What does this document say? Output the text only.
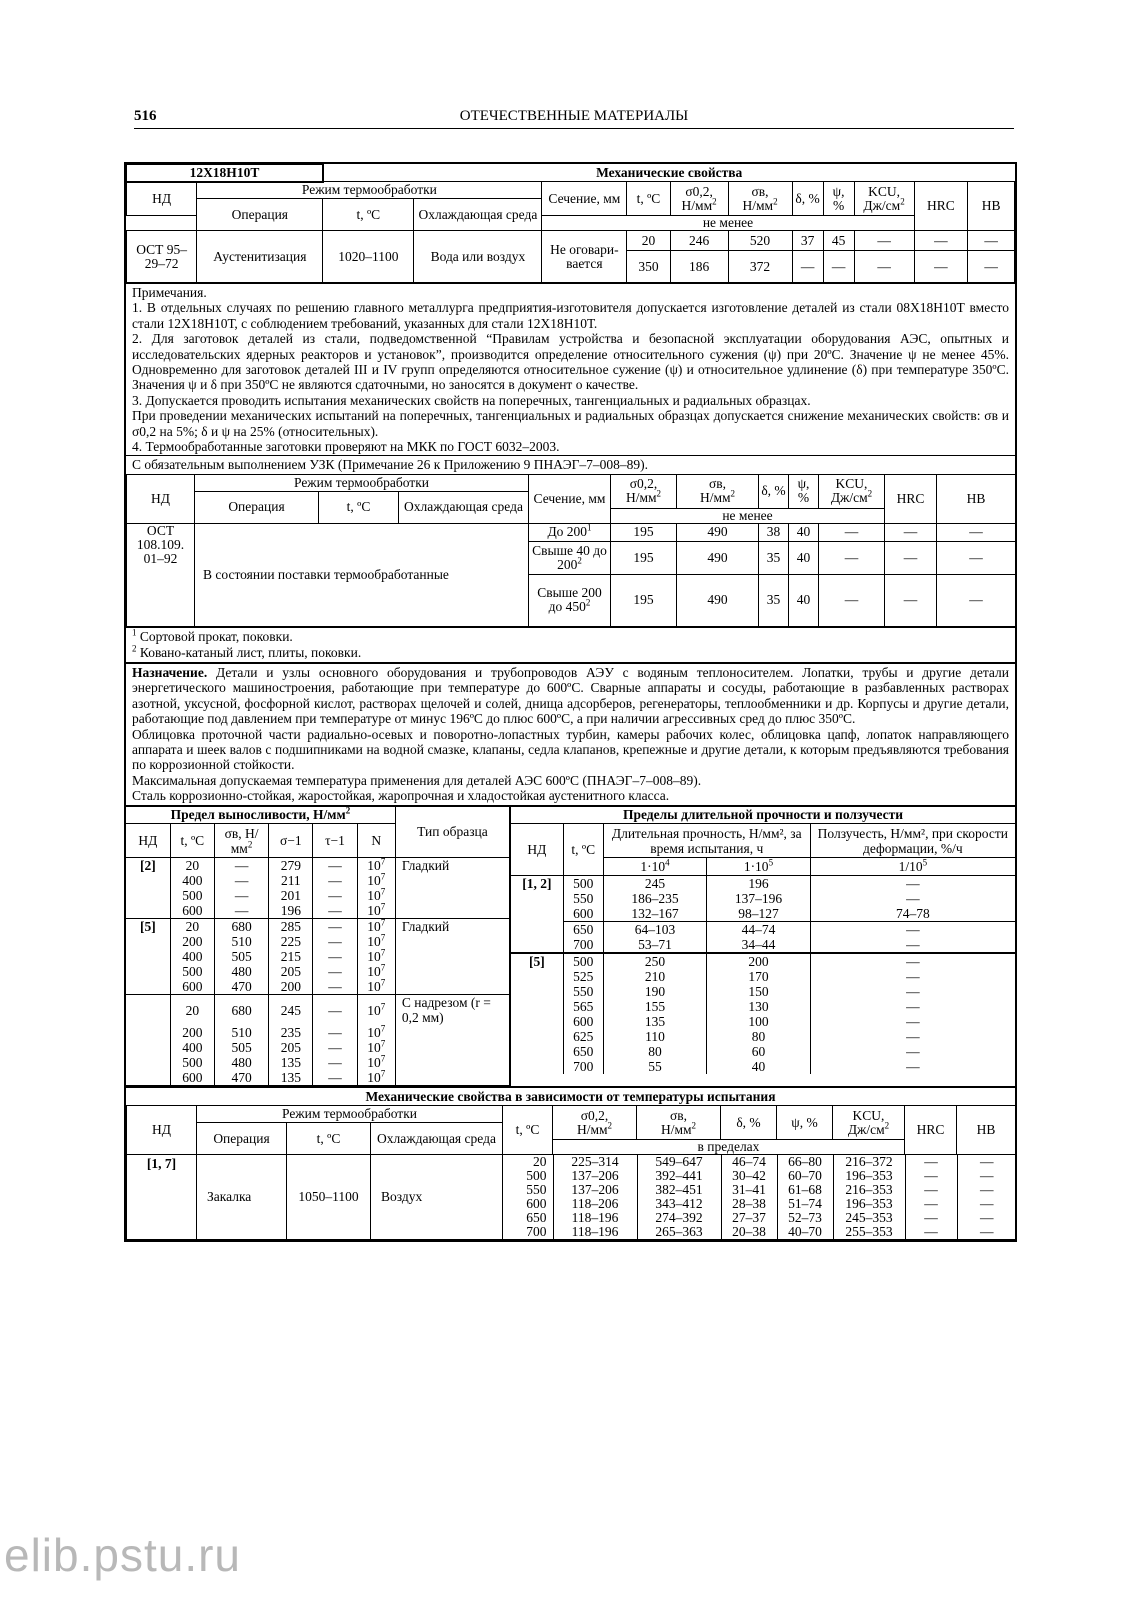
516	ОТЕЧЕСТВЕННЫЕ МАТЕРИАЛЫ
12Х18Н10Т		Механические свойства										
НД	Режим термообработки			Сечение, мм	t, ºC	σ0,2,
$Н/мм^2$	σв,
$Н/мм^2$	δ, %	ψ, %	KCU,
$Дж/см^2$	HRC	HB
	Операция	t, ºC	Охлаждающая среда									
				не менее								
ОСТ 95–29–72	Аустенитизация	1020–1100	Вода или воздух	Не оговари-вается	20	246	520	37	45	—	—	—
					350	186	372	—	—	—	—	—
Примечания.
1. В отдельных случаях по решению главного металлурга предприятия-изготовителя допускается изготовление деталей из стали 08Х18Н10Т вместо стали 12Х18Н10Т, с соблюдением требований, указанных для стали 12Х18Н10Т.
2. Для заготовок деталей из стали, подведомственной “Правилам устройства и безопасной эксплуатации оборудования АЭС, опытных и исследовательских ядерных реакторов и установок”, производится определение относительного сужения (ψ) при 20ºC. Значение ψ не менее 45%. Одновременно для заготовок деталей III и IV групп определяются относительное сужение (ψ) и относительное удлинение (δ) при температуре 350ºC. Значения ψ и δ при 350ºC не являются сдаточными, но заносятся в документ о качестве.
3. Допускается проводить испытания механических свойств на поперечных, тангенциальных и радиальных образцах.
При проведении механических испытаний на поперечных, тангенциальных и радиальных образцах допускается снижение механических свойств: σв и σ0,2 на 5%; δ и ψ на 25% (относительных).
4. Термообработанные заготовки проверяют на МКК по ГОСТ 6032–2003.
С обязательным выполнением УЗК (Примечание 26 к Приложению 9 ПНАЭГ–7–008–89).
НД	Режим термообработки			Сечение, мм	σ0,2,
$Н/мм^2$	σв,
$Н/мм^2$	δ, %	ψ, %	KCU,
$Дж/см^2$	HRC	HB
	Операция	t, ºC	Охлаждающая среда								
					не менее						
ОСТ 108.109. 01–92	В состоянии поставки термообработанные			До $200^1$	195	490	38	40	—	—	—
				Свыше 40 до $200^2$	195	490	35	40	—	—	—
				Свыше 200 до $450^2$	195	490	35	40	—	—	—
$^1$ Сортовой прокат, поковки.
$^2$ Ковано-катаный лист, плиты, поковки.
Назначение. Детали и узлы основного оборудования и трубопроводов АЭУ с водяным теплоносителем. Лопатки, трубы и другие детали энергетического машиностроения, работающие при температуре до 600ºC. Сварные аппараты и сосуды, работающие в разбавленных растворах азотной, уксусной, фосфорной кислот, растворах щелочей и солей, днища адсорберов, регенераторы, теплообменники и др. Корпусы и другие детали, работающие под давлением при температуре от минус 196ºC до плюс 600ºC, а при наличии агрессивных сред до плюс 350ºC.
Облицовка проточной части радиально-осевых и поворотно-лопастных турбин, камеры рабочих колес, облицовка цапф, лопаток направляющего аппарата и шеек валов с подшипниками на водной смазке, клапаны, седла клапанов, крепежные и другие детали, к которым предъявляются требования по коррозионной стойкости.
Максимальная допускаемая температура применения для деталей АЭС 600ºC (ПНАЭГ–7–008–89).
Сталь коррозионно-стойкая, жаростойкая, жаропрочная и хладостойкая аустенитного класса.
Предел выносливости, $Н/мм^2$						Тип образца
НД	t, ºC	σв, $Н/мм^2$	σ−1	τ−1	N	
[2]	20	—	279	—	$10^7$	Гладкий
	400	—	211	—	$10^7$	
	500	—	201	—	$10^7$	
	600	—	196	—	$10^7$	
[5]	20	680	285	—	$10^7$	Гладкий
	200	510	225	—	$10^7$	
	400	505	215	—	$10^7$	
	500	480	205	—	$10^7$	
	600	470	200	—	$10^7$	
	20	680	245	—	$10^7$	С надрезом (r = 0,2 мм)
	200	510	235	—	$10^7$	
	400	505	205	—	$10^7$	
	500	480	135	—	$10^7$	
	600	470	135	—	$10^7$	
Пределы длительной прочности и ползучести				
НД	t, ºC	Длительная прочность, Н/мм², за время испытания, ч		Ползучесть, Н/мм², при скорости деформации, %/ч
		$1\cdot 10^4$	$1\cdot 10^5$	$1/10^5$
[1, 2]	500	245	196	—
	550	186–235	137–196	—
	600	132–167	98–127	74–78
	650	64–103	44–74	—
	700	53–71	34–44	—
[5]	500	250	200	—
	525	210	170	—
	550	190	150	—
	565	155	130	—
	600	135	100	—
	625	110	80	—
	650	80	60	—
	700	55	40	—
Механические свойства в зависимости от температуры испытания
НД	Режим термообработки	t, ºC	σ0,2,
$Н/мм^2$	σв,
$Н/мм^2$	δ, %	ψ, %	KCU,
$Дж/см^2$	HRC	HB
Операция	t, ºC	Охлаждающая среда
в пределах
[1, 7]	Закалка	1050–1100	Воздух	
20	225–314	549–647	46–74	66–80	216–372	—	—
500	137–206	392–441	30–42	60–70	196–353	—	—
550	137–206	382–451	31–41	61–68	216–353	—	—
600	118–206	343–412	28–38	51–74	196–353	—	—
650	118–196	274–392	27–37	52–73	245–353	—	—
700	118–196	265–363	20–38	40–70	255–353	—	—
elib.pstu.ru
